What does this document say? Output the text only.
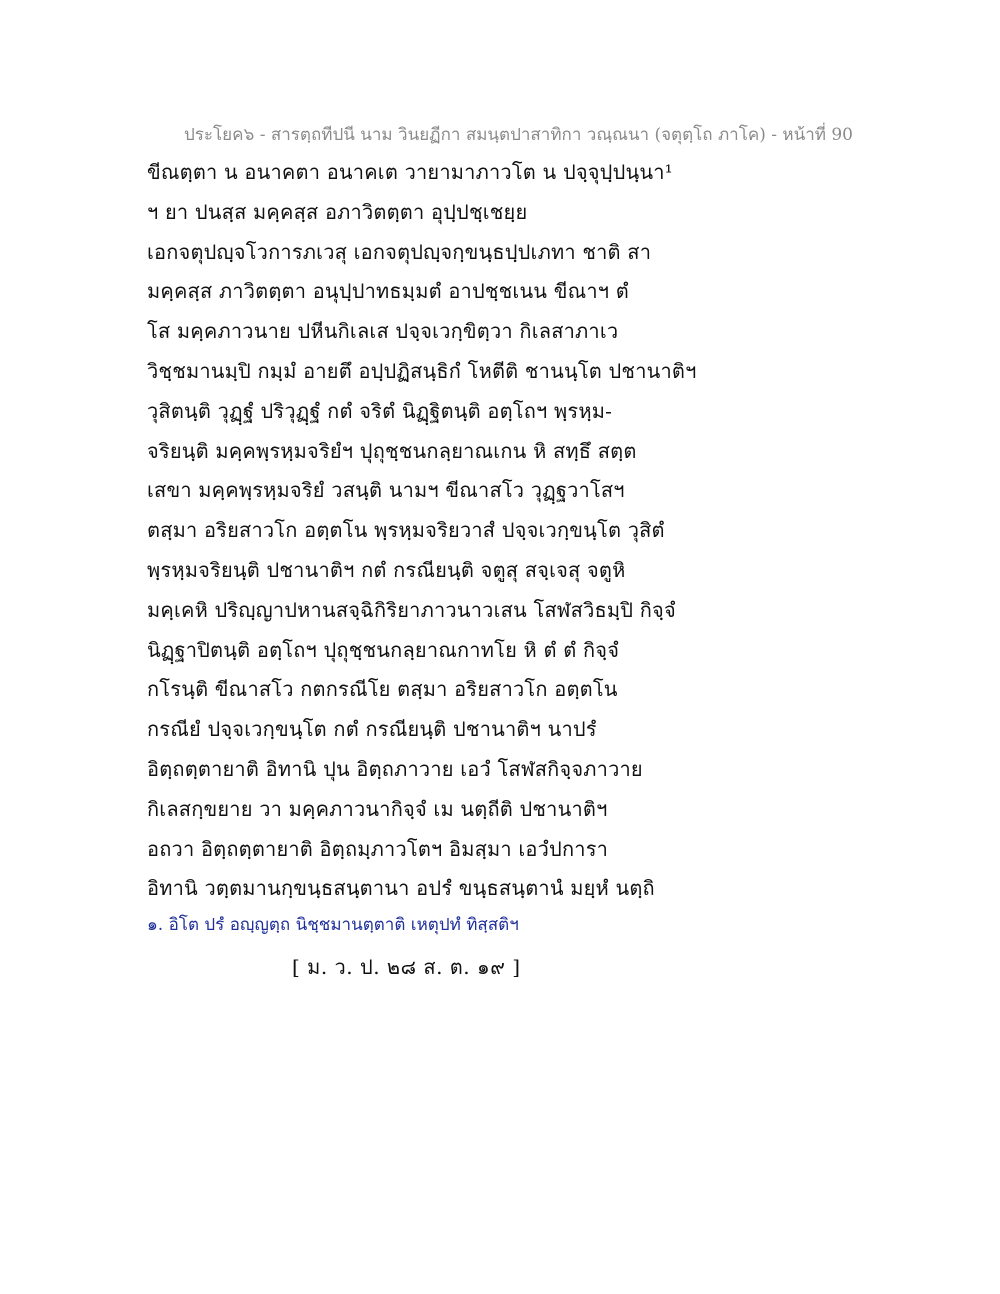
ประโยค๖ - สารตฺถทีปนี นาม วินยฏีกา สมนฺตปาสาทิกา วณฺณนา (จตุตฺโถ ภาโค) - หน้าที่ 90
ขีณตฺตา น อนาคตา อนาคเต วายามาภาวโต น ปจฺจุปฺปนฺนา¹
ฯ ยา ปนสฺส มคฺคสฺส อภาวิตตฺตา อุปฺปชฺเชยฺย
เอกจตุปญฺจโวการภเวสุ เอกจตุปญฺจกฺขนฺธปฺปเภทา ชาติ สา
มคฺคสฺส ภาวิตตฺตา อนุปฺปาทธมฺมตํ อาปชฺชเนน ขีณาฯ ตํ
โส มคฺคภาวนาย ปหีนกิเลเส ปจฺจเวกฺขิตฺวา กิเลสาภาเว
วิชฺชมานมฺปิ กมฺมํ อายตึ อปฺปฏิสนฺธิกํ โหตีติ ชานนฺโต ปชานาติฯ
วุสิตนฺติ วุฏฺฐํ ปริวุฏฺฐํ กตํ จริตํ นิฏฺฐิตนฺติ อตฺโถฯ พฺรหฺม-
จริยนฺติ มคฺคพฺรหฺมจริยํฯ ปุถุชฺชนกลฺยาณเกน หิ สทฺธึ สตฺต
เสขา มคฺคพฺรหฺมจริยํ วสนฺติ นามฯ ขีณาสโว วุฏฺฐวาโสฯ
ตสฺมา อริยสาวโก อตฺตโน พฺรหฺมจริยวาสํ ปจฺจเวกฺขนฺโต วุสิตํ
พฺรหฺมจริยนฺติ ปชานาติฯ กตํ กรณียนฺติ จตูสุ สจฺเจสุ จตูหิ
มคฺเคหิ ปริญฺญาปหานสจฺฉิกิริยาภาวนาวเสน โสฬสวิธมฺปิ กิจฺจํ
นิฏฺฐาปิตนฺติ อตฺโถฯ ปุถุชฺชนกลฺยาณกาทโย หิ ตํ ตํ กิจฺจํ
กโรนฺติ ขีณาสโว กตกรณีโย ตสฺมา อริยสาวโก อตฺตโน
กรณียํ ปจฺจเวกฺขนฺโต กตํ กรณียนฺติ ปชานาติฯ นาปรํ
อิตฺถตฺตายาติ อิทานิ ปุน อิตฺถภาวาย เอวํ โสฬสกิจฺจภาวาย
กิเลสกฺขยาย วา มคฺคภาวนากิจฺจํ เม นตฺถีติ ปชานาติฯ
อถวา อิตฺถตฺตายาติ อิตฺถมฺภาวโตฯ อิมสฺมา เอวํปการา
อิทานิ วตฺตมานกฺขนฺธสนฺตานา อปรํ ขนฺธสนฺตานํ มยฺหํ นตฺถิ
๑. อิโต ปรํ อญฺญตฺถ นิชฺชมานตฺตาติ เหตุปทํ ทิสฺสติฯ
[ ม. ว. ป. ๒๘ ส. ต. ๑๙ ]
